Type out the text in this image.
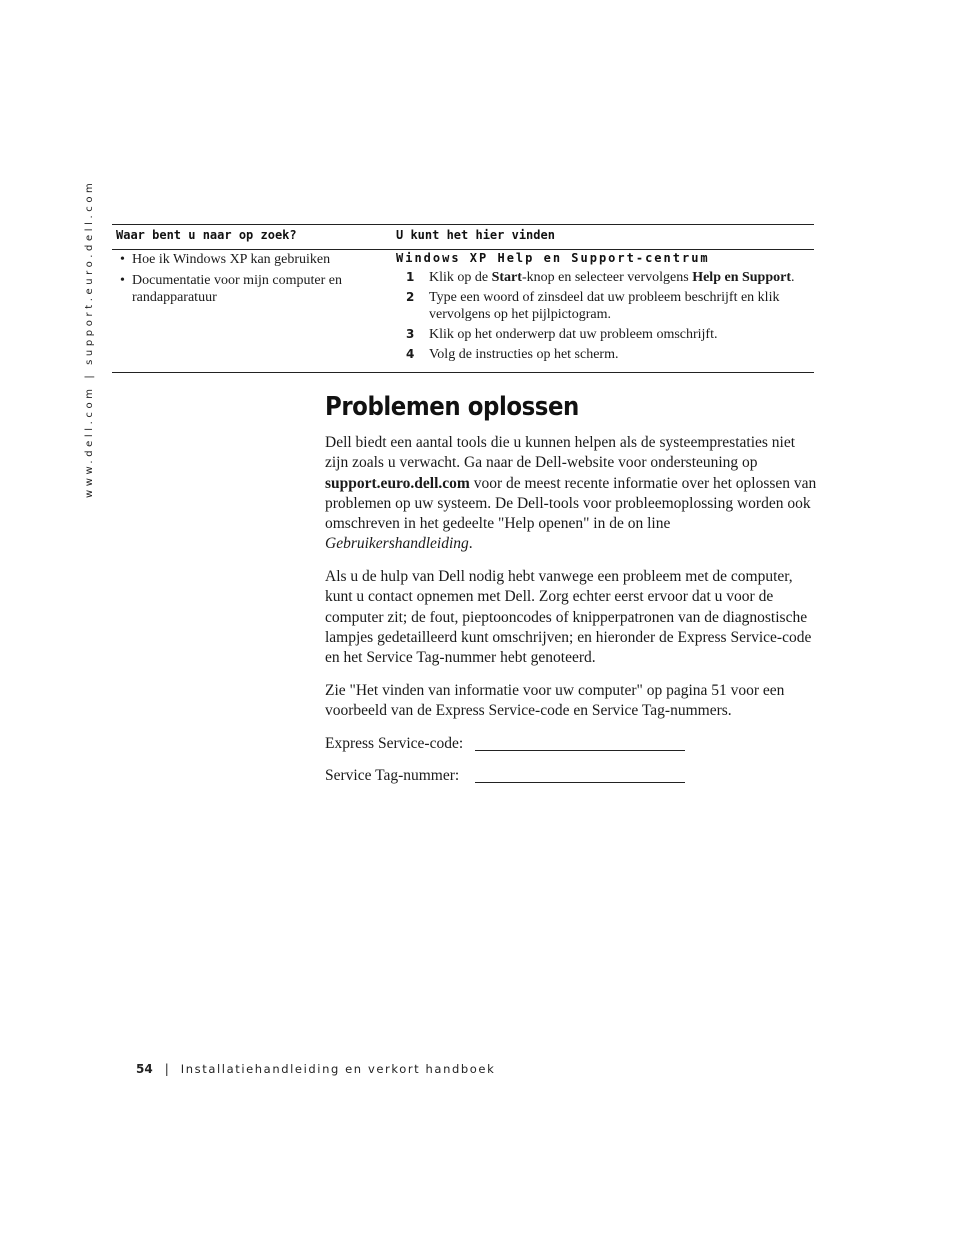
www.dell.com | support.euro.dell.com Waar bent u naar op zoek?	U kunt het hier vinden
• Hoe ik Windows XP kan gebruiken
• Documentatie voor mijn computer en randapparatuur
Windows XP Help en Support-centrum
1 Klik op de Start-knop en selecteer vervolgens Help en Support.
2 Type een woord of zinsdeel dat uw probleem beschrijft en klik vervolgens op het pijlpictogram.
3 Klik op het onderwerp dat uw probleem omschrijft.
4 Volg de instructies op het scherm.
Problemen oplossen
Dell biedt een aantal tools die u kunnen helpen als de systeemprestaties niet zijn zoals u verwacht. Ga naar de Dell-website voor ondersteuning op support.euro.dell.com voor de meest recente informatie over het oplossen van problemen op uw systeem. De Dell-tools voor probleemoplossing worden ook omschreven in het gedeelte "Help openen" in de on line Gebruikershandleiding.
Als u de hulp van Dell nodig hebt vanwege een probleem met de computer, kunt u contact opnemen met Dell. Zorg echter eerst ervoor dat u voor de computer zit; de fout, pieptooncodes of knipperpatronen van de diagnostische lampjes gedetailleerd kunt omschrijven; en hieronder de Express Service-code en het Service Tag-nummer hebt genoteerd.
Zie "Het vinden van informatie voor uw computer" op pagina 51 voor een voorbeeld van de Express Service-code en Service Tag-nummers.
Express Service-code:
Service Tag-nummer:
54 | Installatiehandleiding en verkort handboek
